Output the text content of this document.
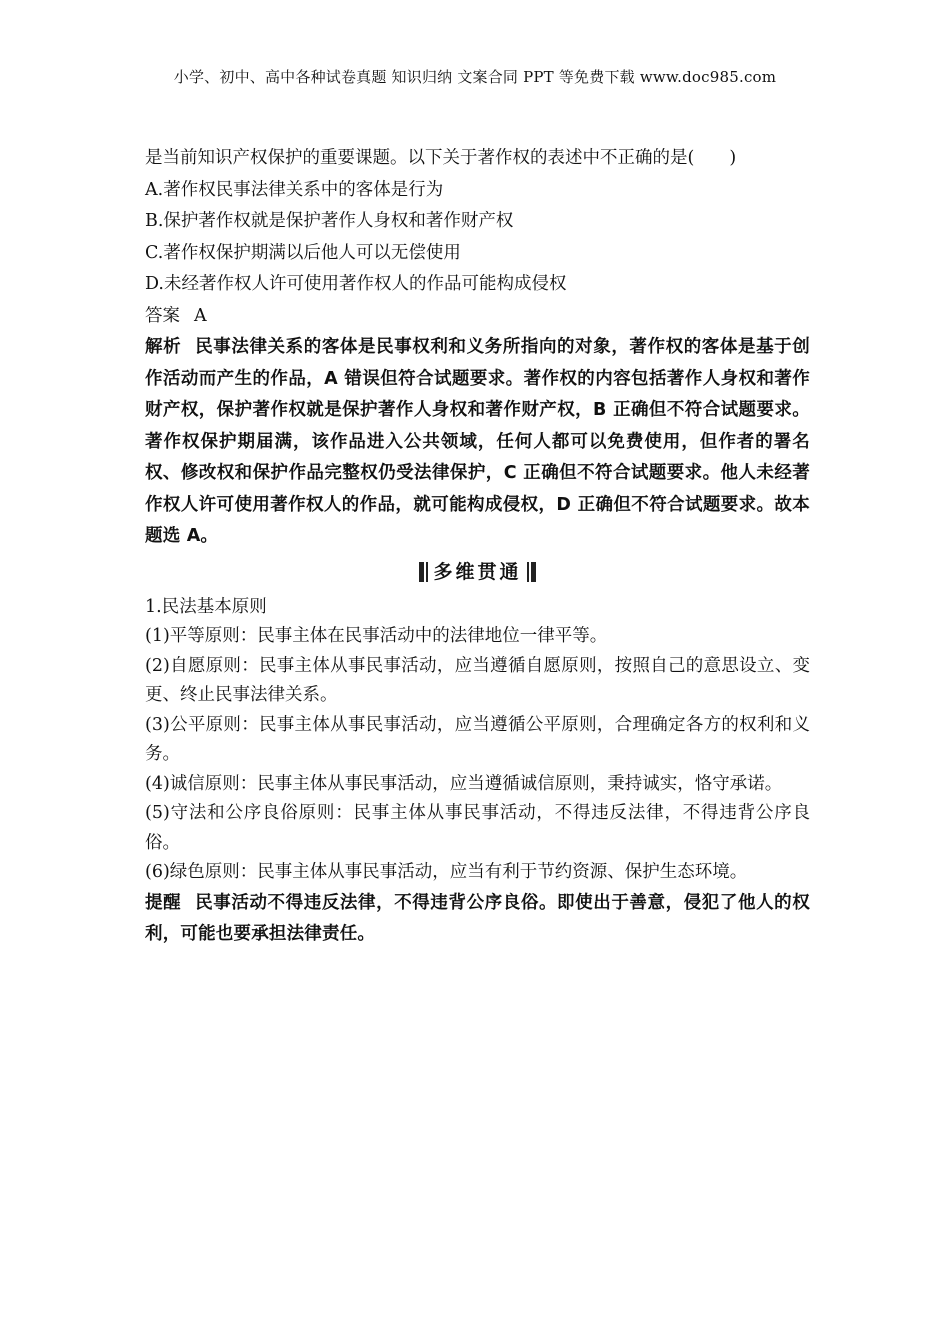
小学、初中、高中各种试卷真题 知识归纳 文案合同 PPT 等免费下载 www.doc985.com
是当前知识产权保护的重要课题。以下关于著作权的表述中不正确的是(　　)
A.著作权民事法律关系中的客体是行为
B.保护著作权就是保护著作人身权和著作财产权
C.著作权保护期满以后他人可以无偿使用
D.未经著作权人许可使用著作权人的作品可能构成侵权
答案 A
解析 民事法律关系的客体是民事权利和义务所指向的对象，著作权的客体是基于创作活动而产生的作品，A 错误但符合试题要求。著作权的内容包括著作人身权和著作财产权，保护著作权就是保护著作人身权和著作财产权，B 正确但不符合试题要求。著作权保护期届满，该作品进入公共领域，任何人都可以免费使用，但作者的署名权、修改权和保护作品完整权仍受法律保护，C 正确但不符合试题要求。他人未经著作权人许可使用著作权人的作品，就可能构成侵权，D 正确但不符合试题要求。故本题选 A。
多维贯通
1.民法基本原则
(1)平等原则：民事主体在民事活动中的法律地位一律平等。
(2)自愿原则：民事主体从事民事活动，应当遵循自愿原则，按照自己的意思设立、变更、终止民事法律关系。
(3)公平原则：民事主体从事民事活动，应当遵循公平原则，合理确定各方的权利和义务。
(4)诚信原则：民事主体从事民事活动，应当遵循诚信原则，秉持诚实，恪守承诺。
(5)守法和公序良俗原则：民事主体从事民事活动，不得违反法律，不得违背公序良俗。
(6)绿色原则：民事主体从事民事活动，应当有利于节约资源、保护生态环境。
提醒 民事活动不得违反法律，不得违背公序良俗。即使出于善意，侵犯了他人的权利，可能也要承担法律责任。
